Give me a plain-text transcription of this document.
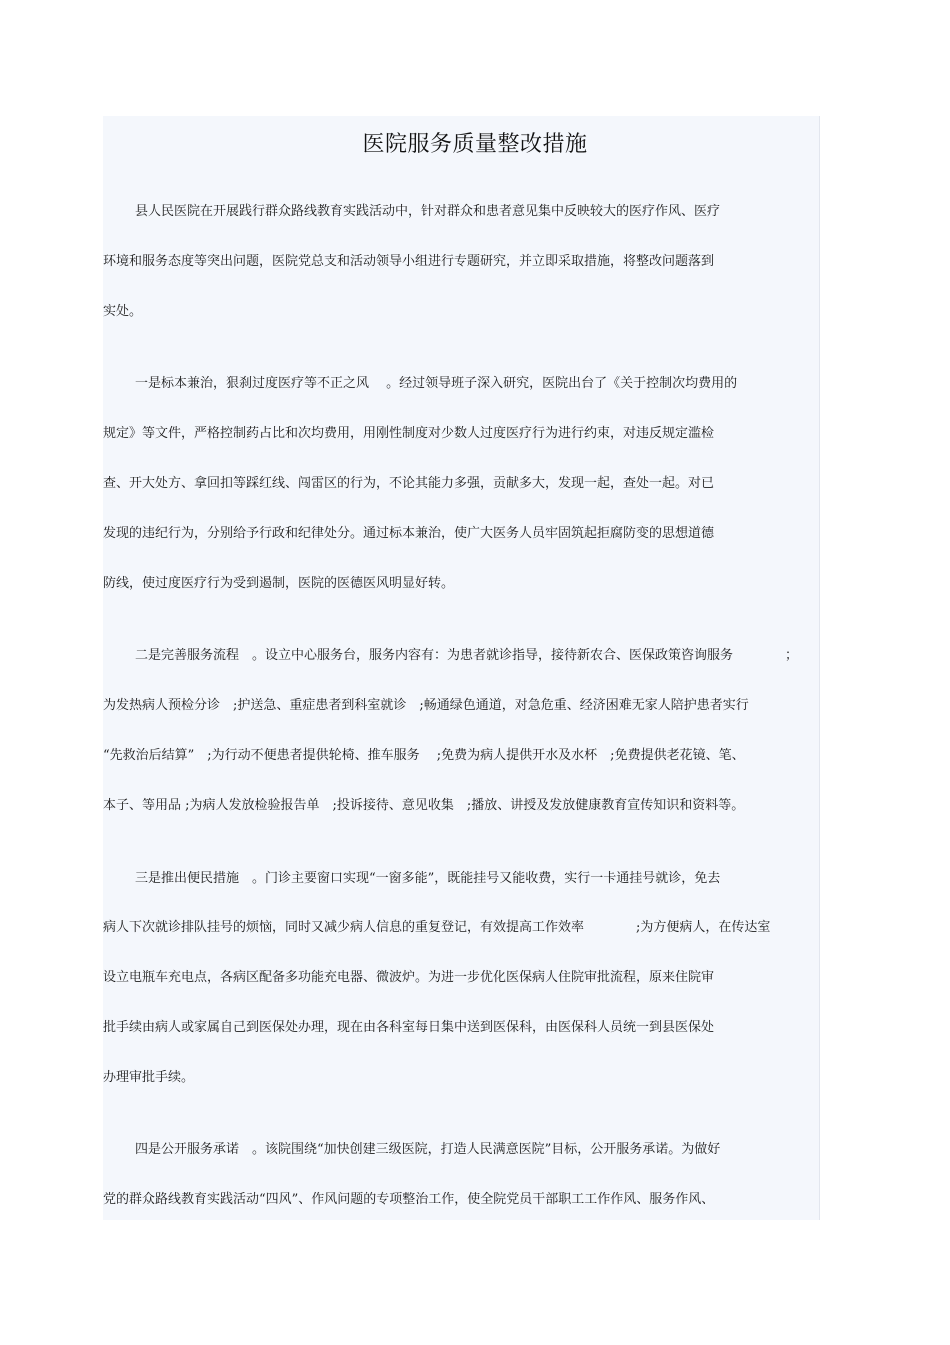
医院服务质量整改措施
县人民医院在开展践行群众路线教育实践活动中，针对群众和患者意见集中反映较大的医疗作风、医疗
环境和服务态度等突出问题，医院党总支和活动领导小组进行专题研究，并立即采取措施，将整改问题落到
实处。
一是标本兼治，狠刹过度医疗等不正之风　 。经过领导班子深入研究，医院出台了《关于控制次均费用的
规定》等文件，严格控制药占比和次均费用，用刚性制度对少数人过度医疗行为进行约束，对违反规定滥检
查、开大处方、拿回扣等踩红线、闯雷区的行为，不论其能力多强，贡献多大，发现一起，查处一起。对已
发现的违纪行为，分别给予行政和纪律处分。通过标本兼治，使广大医务人员牢固筑起拒腐防变的思想道德
防线，使过度医疗行为受到遏制，医院的医德医风明显好转。
二是完善服务流程　。设立中心服务台，服务内容有：为患者就诊指导，接待新农合、医保政策咨询服务　　　　；
为发热病人预检分诊　;护送急、重症患者到科室就诊　;畅通绿色通道，对急危重、经济困难无家人陪护患者实行
“先救治后结算”　;为行动不便患者提供轮椅、推车服务　 ;免费为病人提供开水及水杯　;免费提供老花镜、笔、
本子、等用品 ;为病人发放检验报告单　;投诉接待、意见收集　;播放、讲授及发放健康教育宣传知识和资料等。
三是推出便民措施　。门诊主要窗口实现“一窗多能”，既能挂号又能收费，实行一卡通挂号就诊，免去
病人下次就诊排队挂号的烦恼，同时又减少病人信息的重复登记，有效提高工作效率　　　　;为方便病人，在传达室
设立电瓶车充电点，各病区配备多功能充电器、微波炉。为进一步优化医保病人住院审批流程，原来住院审
批手续由病人或家属自己到医保处办理，现在由各科室每日集中送到医保科，由医保科人员统一到县医保处
办理审批手续。
四是公开服务承诺　。该院围绕“加快创建三级医院，打造人民满意医院”目标，公开服务承诺。为做好
党的群众路线教育实践活动“四风”、作风问题的专项整治工作，使全院党员干部职工工作作风、服务作风、
